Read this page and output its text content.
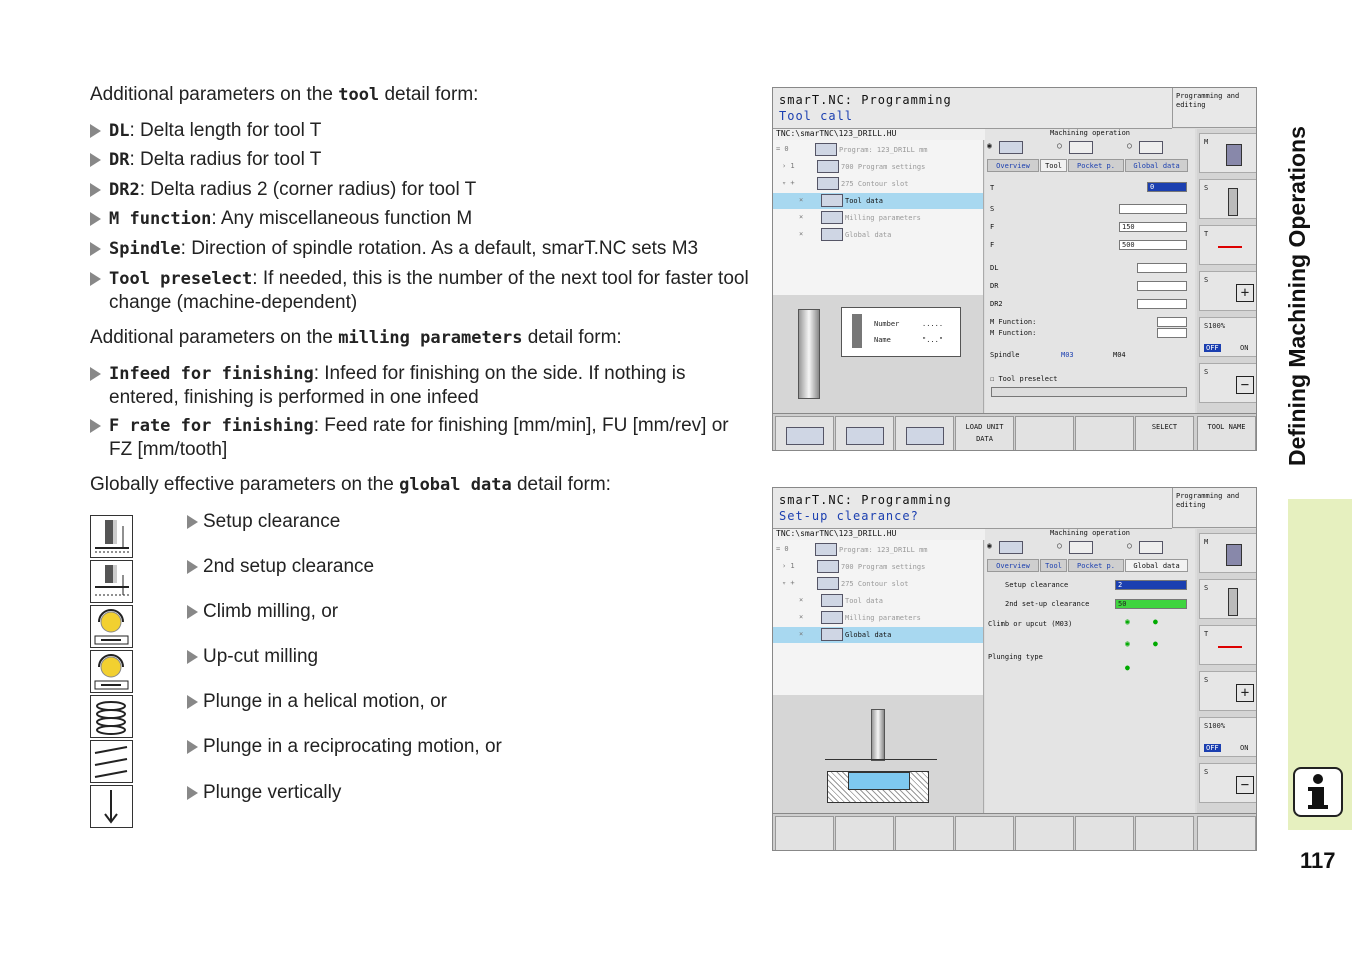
Additional parameters on the tool detail form:
DL: Delta length for tool T
DR: Delta radius for tool T
DR2: Delta radius 2 (corner radius) for tool T
M function: Any miscellaneous function M
Spindle: Direction of spindle rotation. As a default, smarT.NC sets M3
Tool preselect: If needed, this is the number of the next tool for faster tool change (machine-dependent)
Additional parameters on the milling parameters detail form:
Infeed for finishing: Infeed for finishing on the side. If nothing is entered, finishing is performed in one infeed
F rate for finishing: Feed rate for finishing [mm/min], FU [mm/rev] or FZ [mm/tooth]
Globally effective parameters on the global data detail form:
Setup clearance
2nd setup clearance
Climb milling, or
Up-cut milling
Plunge in a helical motion, or
Plunge in a reciprocating motion, or
Plunge vertically
smarT.NC: Programming
Tool call
Programming and editing
TNC:\smarTNC\123_DRILL.HU
= 0	Program: 123_DRILL mm
› 1	700 Program settings
▿ +	275 Contour slot
×	Tool data
×	Milling parameters
×	Global data
Number	.....
Name	"..."
Machining operation
◉	○	○
Overview	Tool	Pocket p.	Global data
T	0
S
F	150
F	500
DL
DR
DR2
M Function:
M Function:
Spindle	M03	M04
☐ Tool preselect
M
S
T
S
+
S100%
OFF	ON
S
−
LOAD UNIT DATA
SELECT	TOOL NAME
smarT.NC: Programming
Set-up clearance?
Programming and editing
TNC:\smarTNC\123_DRILL.HU
= 0	Program: 123_DRILL mm
› 1	700 Program settings
▿ +	275 Contour slot
×	Tool data
×	Milling parameters
×	Global data
Machining operation
◉	○	○
Overview	Tool	Pocket p.	Global data
Setup clearance	2
2nd set-up clearance	50
Climb or upcut (M03)	◉	●
◉	●
Plunging type
●
M
S
T
S
+
S100%
OFF	ON
S
−
Defining Machining Operations
117
